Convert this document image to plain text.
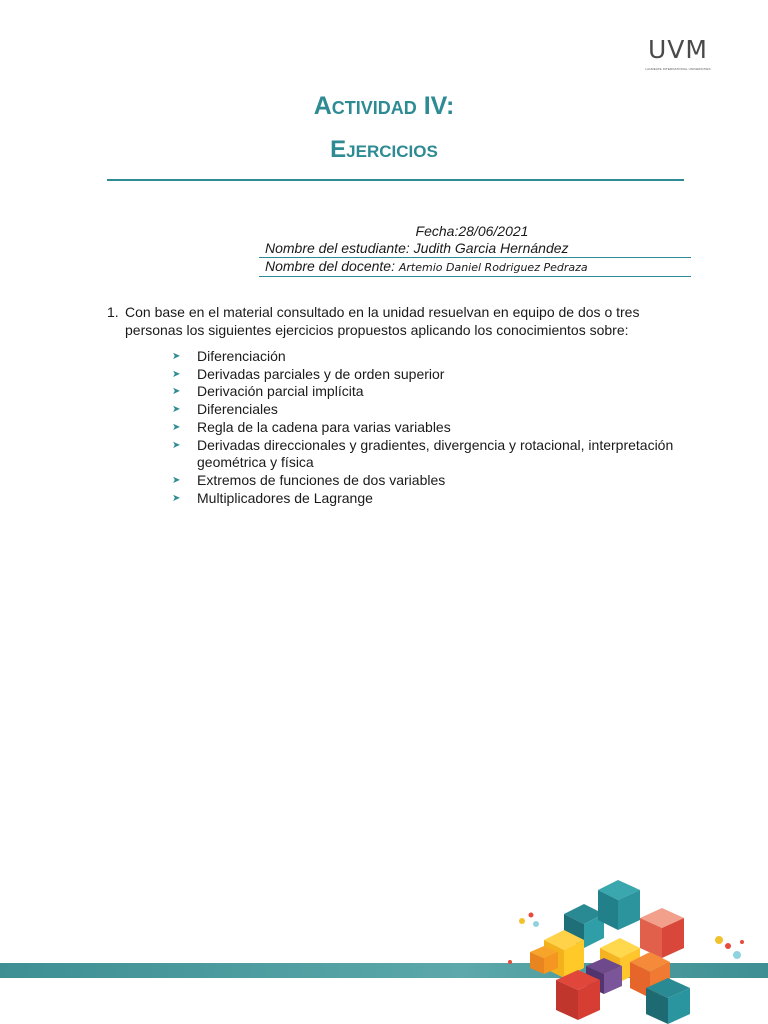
UVM
LAUREATE INTERNATIONAL UNIVERSITIES
Actividad IV:
Ejercicios
Fecha:28/06/2021
Nombre del estudiante: Judith Garcia Hernández
Nombre del docente: Artemio Daniel Rodriguez Pedraza
1. Con base en el material consultado en la unidad resuelvan en equipo de dos o tres personas los siguientes ejercicios propuestos aplicando los conocimientos sobre:
➤ Diferenciación
➤ Derivadas parciales y de orden superior
➤ Derivación parcial implícita
➤ Diferenciales
➤ Regla de la cadena para varias variables
➤ Derivadas direccionales y gradientes, divergencia y rotacional, interpretación geométrica y física
➤ Extremos de funciones de dos variables
➤ Multiplicadores de Lagrange
